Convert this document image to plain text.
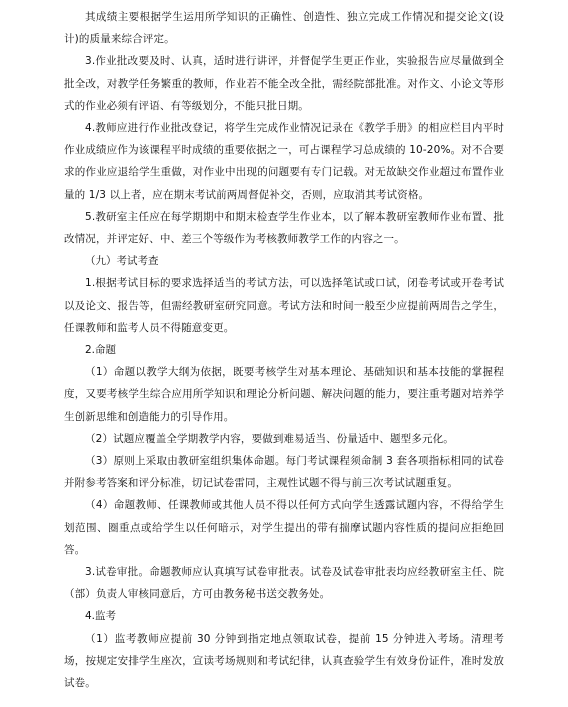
其成绩主要根据学生运用所学知识的正确性、创造性、独立完成工作情况和提交论文(设计)的质量来综合评定。

3.作业批改要及时、认真，适时进行讲评，并督促学生更正作业，实验报告应尽量做到全批全改，对教学任务繁重的教师，作业若不能全改全批，需经院部批准。对作文、小论文等形式的作业必须有评语、有等级划分，不能只批日期。

4.教师应进行作业批改登记，将学生完成作业情况记录在《教学手册》的相应栏目内平时作业成绩应作为该课程平时成绩的重要依据之一，可占课程学习总成绩的 10-20%。对不合要求的作业应退给学生重做，对作业中出现的问题要有专门记载。对无故缺交作业超过布置作业量的 1/3 以上者，应在期末考试前两周督促补交，否则，应取消其考试资格。

5.教研室主任应在每学期期中和期末检查学生作业本，以了解本教研室教师作业布置、批改情况，并评定好、中、差三个等级作为考核教师教学工作的内容之一。

（九）考试考查

1.根据考试目标的要求选择适当的考试方法，可以选择笔试或口试，闭卷考试或开卷考试以及论文、报告等，但需经教研室研究同意。考试方法和时间一般至少应提前两周告之学生，任课教师和监考人员不得随意变更。

2.命题

（1）命题以教学大纲为依据，既要考核学生对基本理论、基础知识和基本技能的掌握程度，又要考核学生综合应用所学知识和理论分析问题、解决问题的能力，要注重考题对培养学生创新思维和创造能力的引导作用。

（2）试题应覆盖全学期教学内容，要做到难易适当、份量适中、题型多元化。

（3）原则上采取由教研室组织集体命题。每门考试课程须命制 3 套各项指标相同的试卷并附参考答案和评分标准，切记试卷雷同，主观性试题不得与前三次考试试题重复。

（4）命题教师、任课教师或其他人员不得以任何方式向学生透露试题内容，不得给学生划范围、圈重点或给学生以任何暗示，对学生提出的带有揣摩试题内容性质的提问应拒绝回答。

3.试卷审批。命题教师应认真填写试卷审批表。试卷及试卷审批表均应经教研室主任、院（部）负责人审核同意后，方可由教务秘书送交教务处。

4.监考

（1）监考教师应提前 30 分钟到指定地点领取试卷，提前 15 分钟进入考场。清理考场，按规定安排学生座次，宣读考场规则和考试纪律，认真查验学生有效身份证件，准时发放试卷。
